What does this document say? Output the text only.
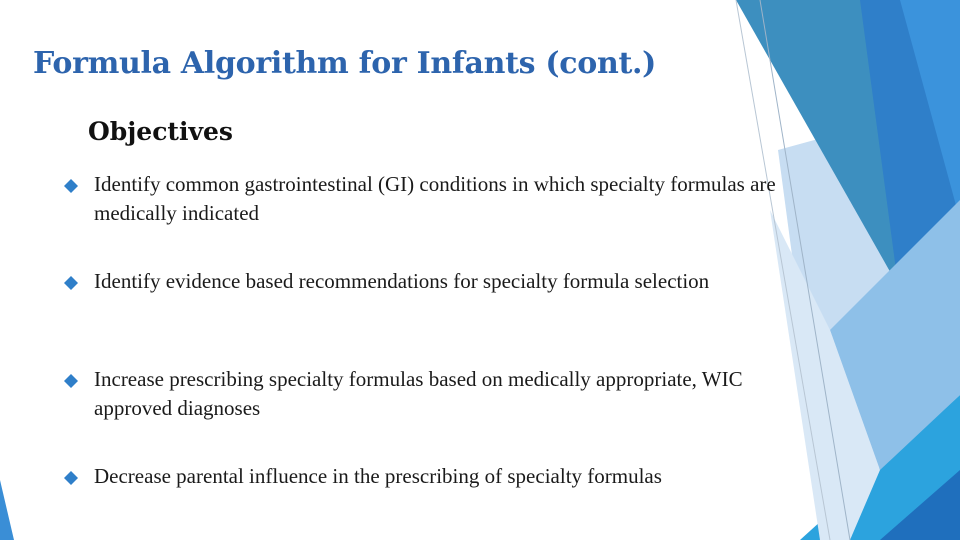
Formula Algorithm for Infants (cont.)
Objectives
Identify common gastrointestinal (GI) conditions in which specialty formulas are medically indicated
Identify evidence based recommendations for specialty formula selection
Increase prescribing specialty formulas based on medically appropriate, WIC approved diagnoses
Decrease parental influence in the prescribing of specialty formulas
